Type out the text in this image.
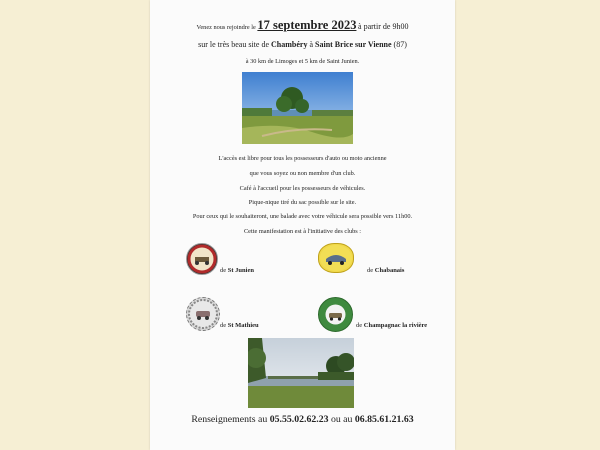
Venez nous rejoindre le 17 septembre 2023 à partir de 9h00
sur le très beau site de Chambéry à Saint Brice sur Vienne (87)
à 30 km de Limoges et 5 km de Saint Junien.
L'accès est libre pour tous les possesseurs d'auto ou moto ancienne
que vous soyez ou non membre d'un club.
Café à l'accueil pour les possesseurs de véhicules.
Pique-nique tiré du sac possible sur le site.
Pour ceux qui le souhaiteront, une balade avec votre véhicule sera possible vers 11h00.
Cette manifestation est à l'initiative des clubs :
de St Junien	de Chabanais
de St Mathieu	de Champagnac la rivière
Renseignements au 05.55.02.62.23 ou au 06.85.61.21.63
